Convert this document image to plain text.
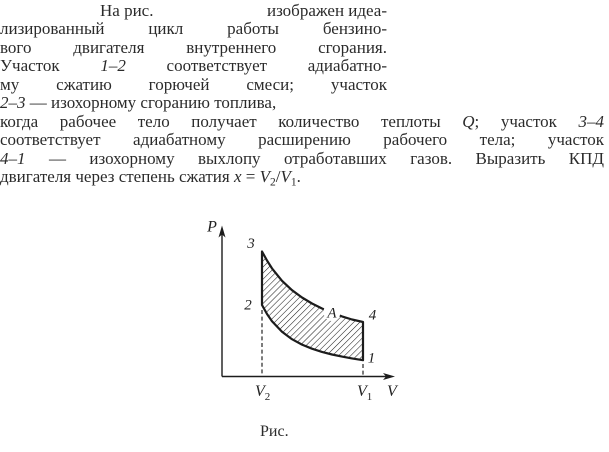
На рис.	изображен идеа-
лизированный цикл работы бензино-
вого двигателя внутреннего сгорания.
Участок 1–2 соответствует адиабатно-
му сжатию горючей смеси; участок
2–3 — изохорному сгоранию топлива,
когда рабочее тело получает количество теплоты Q; участок 3–4
соответствует адиабатному расширению рабочего тела; участок
4–1 — изохорному выхлопу отработавших газов. Выразить КПД
двигателя через степень сжатия $x = V_2/V_1$.
A
P
V
$V_2$	$V_1$
3
2
4
1
Рис.
